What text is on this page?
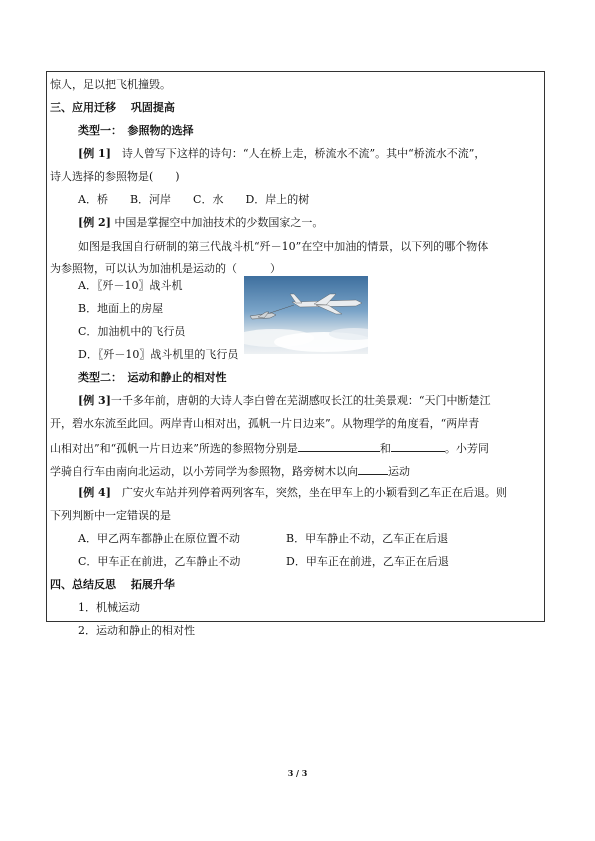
惊人，足以把飞机撞毁。
三、应用迁移　 巩固提高
类型一：　参照物的选择
[例 1]　诗人曾写下这样的诗句：“人在桥上走，桥流水不流”。其中“桥流水不流”，
诗人选择的参照物是(　　)
A．桥　　B．河岸　　C．水　　D．岸上的树
[例 2] 中国是掌握空中加油技术的少数国家之一。
如图是我国自行研制的第三代战斗机“歼－10”在空中加油的情景，以下列的哪个物体
为参照物，可以认为加油机是运动的（　　　）
A．〖歼－10〗战斗机
B．地面上的房屋
C．加油机中的飞行员
D．〖歼－10〗战斗机里的飞行员
类型二：　运动和静止的相对性
[例 3]一千多年前，唐朝的大诗人李白曾在芜湖感叹长江的壮美景观：“天门中断楚江
开，碧水东流至此回。两岸青山相对出，孤帆一片日边来”。从物理学的角度看，“两岸青
山相对出”和“孤帆一片日边来”所选的参照物分别是	和	。小芳同
学骑自行车由南向北运动，以小芳同学为参照物，路旁树木以向	运动
[例 4]　广安火车站并列停着两列客车，突然，坐在甲车上的小颖看到乙车正在后退。则
下列判断中一定错误的是
A．甲乙两车都静止在原位置不动	B．甲车静止不动，乙车正在后退
C．甲车正在前进，乙车静止不动	D．甲车正在前进，乙车正在后退
四、总结反思　 拓展升华
1．机械运动
2．运动和静止的相对性
3 / 3
